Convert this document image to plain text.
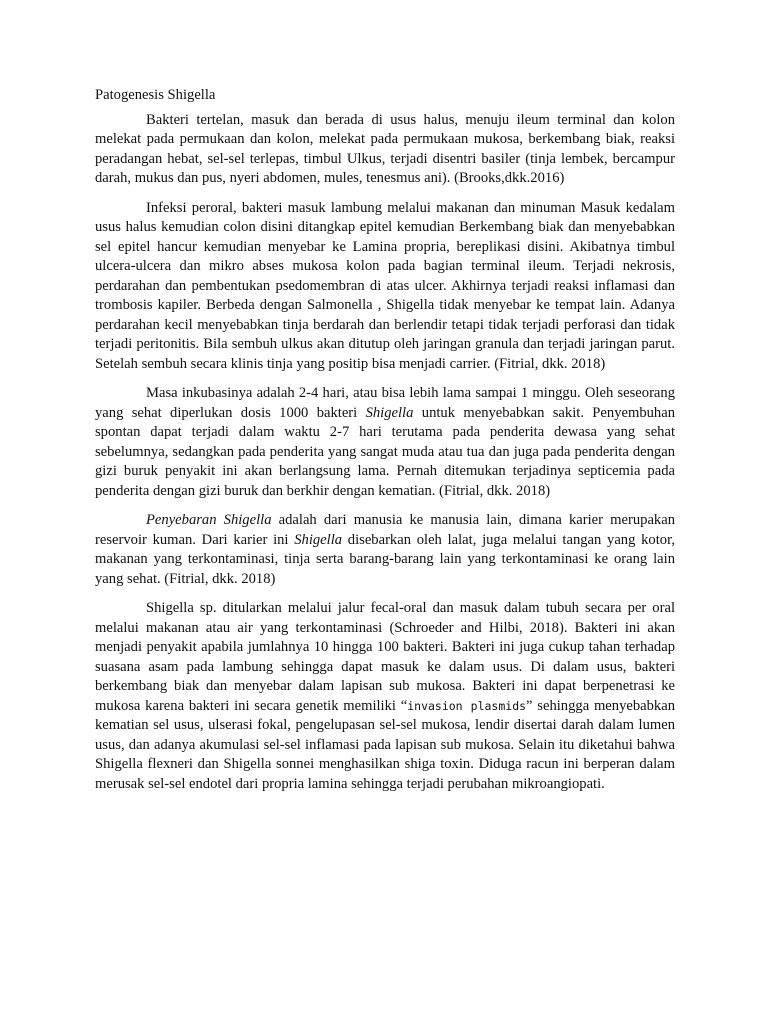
Patogenesis Shigella

Bakteri tertelan, masuk dan berada di usus halus, menuju ileum terminal dan kolon melekat pada permukaan dan kolon, melekat pada permukaan mukosa, berkembang biak, reaksi peradangan hebat, sel-sel terlepas, timbul Ulkus, terjadi disentri basiler (tinja lembek, bercampur darah, mukus dan pus, nyeri abdomen, mules, tenesmus ani). (Brooks,dkk.2016)

Infeksi peroral, bakteri masuk lambung melalui makanan dan minuman Masuk kedalam usus halus kemudian colon disini ditangkap epitel kemudian Berkembang biak dan menyebabkan sel epitel hancur kemudian menyebar ke Lamina propria, bereplikasi disini. Akibatnya timbul ulcera-ulcera dan mikro abses mukosa kolon pada bagian terminal ileum. Terjadi nekrosis, perdarahan dan pembentukan psedomembran di atas ulcer. Akhirnya terjadi reaksi inflamasi dan trombosis kapiler. Berbeda dengan Salmonella , Shigella tidak menyebar ke tempat lain. Adanya perdarahan kecil menyebabkan tinja berdarah dan berlendir tetapi tidak terjadi perforasi dan tidak terjadi peritonitis. Bila sembuh ulkus akan ditutup oleh jaringan granula dan terjadi jaringan parut. Setelah sembuh secara klinis tinja yang positip bisa menjadi carrier. (Fitrial, dkk. 2018)

Masa inkubasinya adalah 2-4 hari, atau bisa lebih lama sampai 1 minggu. Oleh seseorang yang sehat diperlukan dosis 1000 bakteri Shigella untuk menyebabkan sakit. Penyembuhan spontan dapat terjadi dalam waktu 2-7 hari terutama pada penderita dewasa yang sehat sebelumnya, sedangkan pada penderita yang sangat muda atau tua dan juga pada penderita dengan gizi buruk penyakit ini akan berlangsung lama. Pernah ditemukan terjadinya septicemia pada penderita dengan gizi buruk dan berkhir dengan kematian. (Fitrial, dkk. 2018)

Penyebaran Shigella adalah dari manusia ke manusia lain, dimana karier merupakan reservoir kuman. Dari karier ini Shigella disebarkan oleh lalat, juga melalui tangan yang kotor, makanan yang terkontaminasi, tinja serta barang-barang lain yang terkontaminasi ke orang lain yang sehat. (Fitrial, dkk. 2018)

Shigella sp. ditularkan melalui jalur fecal-oral dan masuk dalam tubuh secara per oral melalui makanan atau air yang terkontaminasi (Schroeder and Hilbi, 2018). Bakteri ini akan menjadi penyakit apabila jumlahnya 10 hingga 100 bakteri. Bakteri ini juga cukup tahan terhadap suasana asam pada lambung sehingga dapat masuk ke dalam usus. Di dalam usus, bakteri berkembang biak dan menyebar dalam lapisan sub mukosa. Bakteri ini dapat berpenetrasi ke mukosa karena bakteri ini secara genetik memiliki “invasion plasmids” sehingga menyebabkan kematian sel usus, ulserasi fokal, pengelupasan sel-sel mukosa, lendir disertai darah dalam lumen usus, dan adanya akumulasi sel-sel inflamasi pada lapisan sub mukosa. Selain itu diketahui bahwa Shigella flexneri dan Shigella sonnei menghasilkan shiga toxin. Diduga racun ini berperan dalam merusak sel-sel endotel dari propria lamina sehingga terjadi perubahan mikroangiopati.
